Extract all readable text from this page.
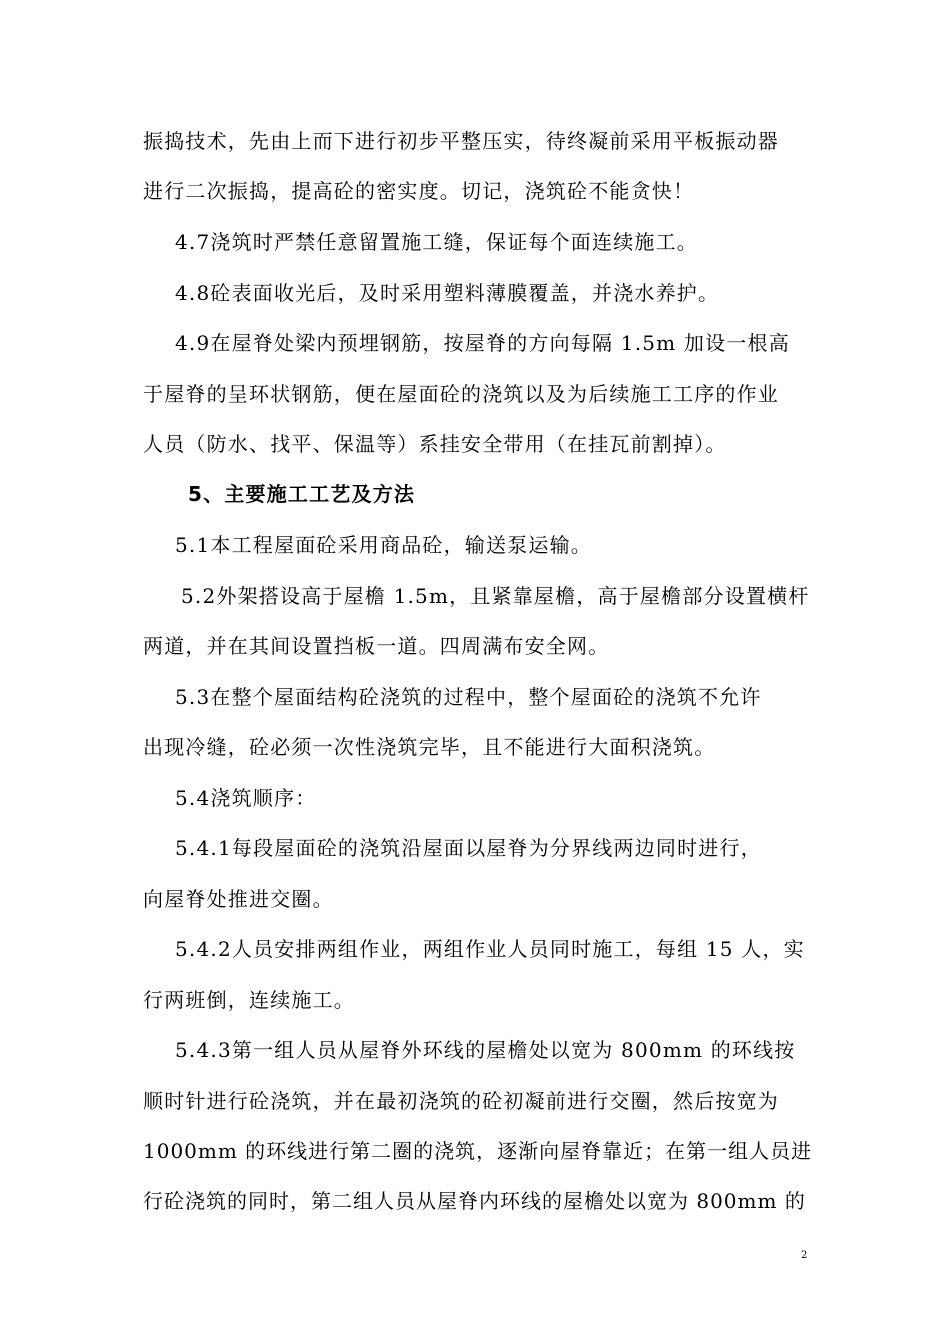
振捣技术，先由上而下进行初步平整压实，待终凝前采用平板振动器
进行二次振捣，提高砼的密实度。切记，浇筑砼不能贪快！
4.7浇筑时严禁任意留置施工缝，保证每个面连续施工。
4.8砼表面收光后，及时采用塑料薄膜覆盖，并浇水养护。
4.9在屋脊处梁内预埋钢筋，按屋脊的方向每隔 1.5m 加设一根高
于屋脊的呈环状钢筋，便在屋面砼的浇筑以及为后续施工工序的作业
人员（防水、找平、保温等）系挂安全带用（在挂瓦前割掉）。
5、主要施工工艺及方法
5.1本工程屋面砼采用商品砼，输送泵运输。
5.2外架搭设高于屋檐 1.5m，且紧靠屋檐，高于屋檐部分设置横杆
两道，并在其间设置挡板一道。四周满布安全网。
5.3在整个屋面结构砼浇筑的过程中，整个屋面砼的浇筑不允许
出现冷缝，砼必须一次性浇筑完毕，且不能进行大面积浇筑。
5.4浇筑顺序：
5.4.1每段屋面砼的浇筑沿屋面以屋脊为分界线两边同时进行，
向屋脊处推进交圈。
5.4.2人员安排两组作业，两组作业人员同时施工，每组 15 人，实
行两班倒，连续施工。
5.4.3第一组人员从屋脊外环线的屋檐处以宽为 800mm 的环线按
顺时针进行砼浇筑，并在最初浇筑的砼初凝前进行交圈，然后按宽为
1000mm 的环线进行第二圈的浇筑，逐渐向屋脊靠近；在第一组人员进
行砼浇筑的同时，第二组人员从屋脊内环线的屋檐处以宽为 800mm 的
2
